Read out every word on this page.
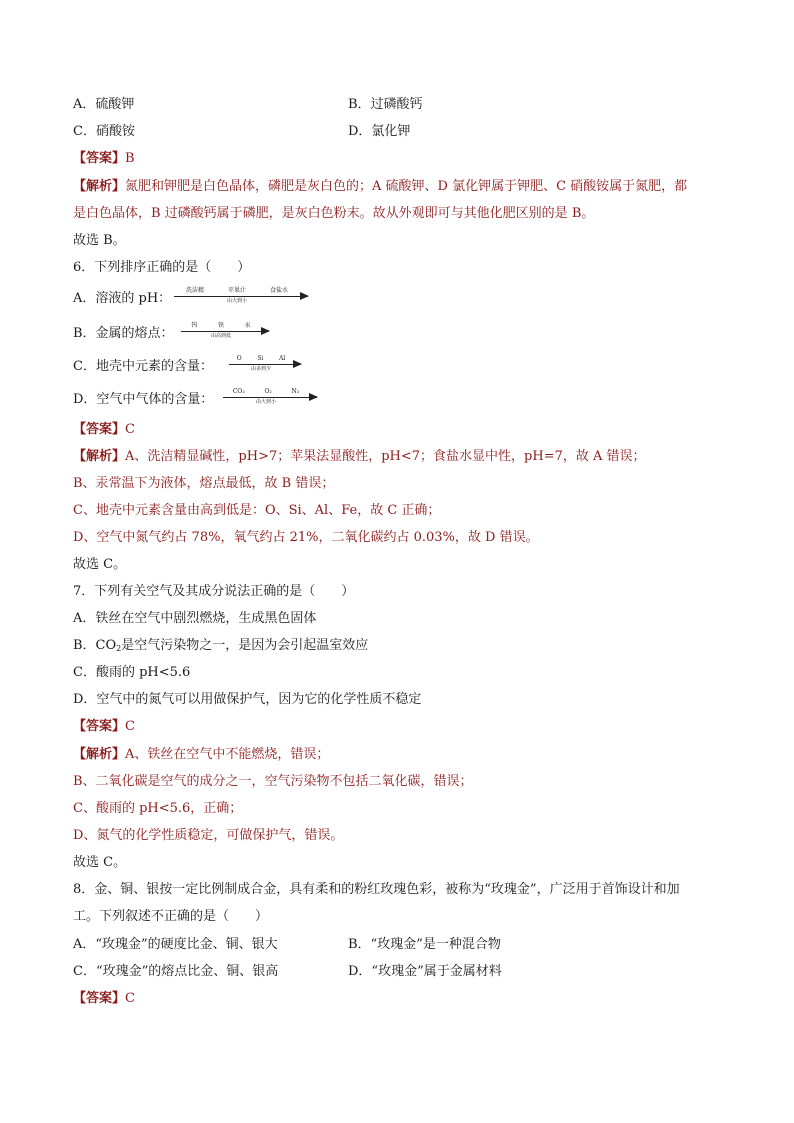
A．硫酸钾	B．过磷酸钙
C．硝酸铵	D．氯化钾
【答案】B
【解析】氮肥和钾肥是白色晶体，磷肥是灰白色的；A 硫酸钾、D 氯化钾属于钾肥、C 硝酸铵属于氮肥，都
是白色晶体，B 过磷酸钙属于磷肥，是灰白色粉末。故从外观即可与其他化肥区别的是 B。
故选 B。
6．下列排序正确的是（　　）
A．溶液的 pH：
洗洁精	苹果汁	食盐水
由大到小
B．金属的熔点：
钨	铁	汞
由高到低
C．地壳中元素的含量：
O	Si	Al
由多到少
D．空气中气体的含量：
CO₂	O₂	N₂
由大到小
【答案】C
【解析】A、洗洁精显碱性，pH>7；苹果法显酸性，pH<7；食盐水显中性，pH=7，故 A 错误；
B、汞常温下为液体，熔点最低，故 B 错误；
C、地壳中元素含量由高到低是：O、Si、Al、Fe，故 C 正确；
D、空气中氮气约占 78%，氧气约占 21%，二氧化碳约占 0.03%，故 D 错误。
故选 C。
7．下列有关空气及其成分说法正确的是（　　）
A．铁丝在空气中剧烈燃烧，生成黑色固体
B．$CO_2$是空气污染物之一，是因为会引起温室效应
C．酸雨的 pH<5.6
D．空气中的氮气可以用做保护气，因为它的化学性质不稳定
【答案】C
【解析】A、铁丝在空气中不能燃烧，错误；
B、二氧化碳是空气的成分之一，空气污染物不包括二氧化碳，错误；
C、酸雨的 pH<5.6，正确；
D、氮气的化学性质稳定，可做保护气，错误。
故选 C。
8．金、铜、银按一定比例制成合金，具有柔和的粉红玫瑰色彩，被称为“玫瑰金”，广泛用于首饰设计和加
工。下列叙述不正确的是（　　）
A．“玫瑰金”的硬度比金、铜、银大	B．“玫瑰金”是一种混合物
C．“玫瑰金”的熔点比金、铜、银高	D．“玫瑰金”属于金属材料
【答案】C
